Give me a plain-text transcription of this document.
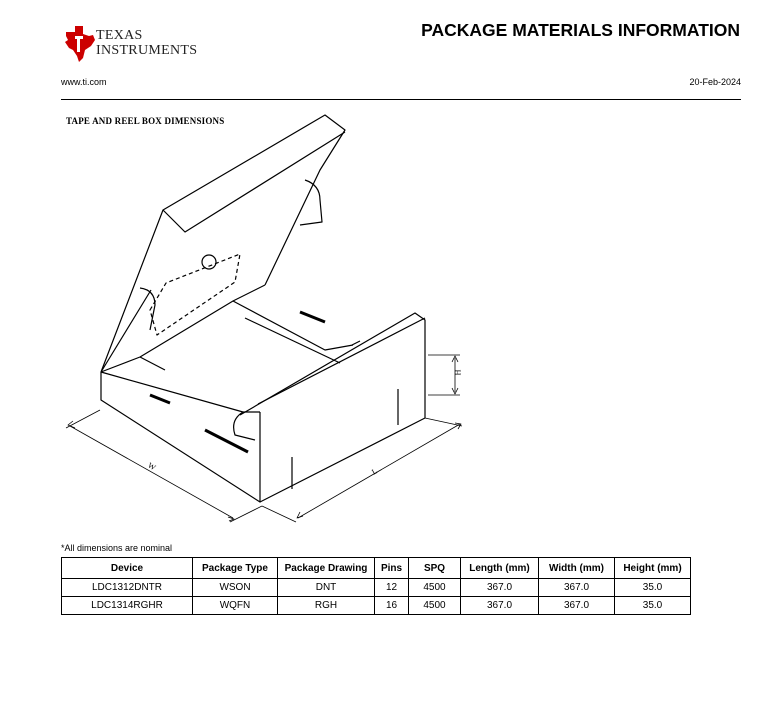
TEXAS
INSTRUMENTS
PACKAGE MATERIALS INFORMATION
www.ti.com	20-Feb-2024
TAPE AND REEL BOX DIMENSIONS
H
W	L
*All dimensions are nominal
Device	Package Type	Package Drawing	Pins	SPQ	Length (mm)	Width (mm)	Height (mm)
LDC1312DNTR	WSON	DNT	12	4500	367.0	367.0	35.0
LDC1314RGHR	WQFN	RGH	16	4500	367.0	367.0	35.0
